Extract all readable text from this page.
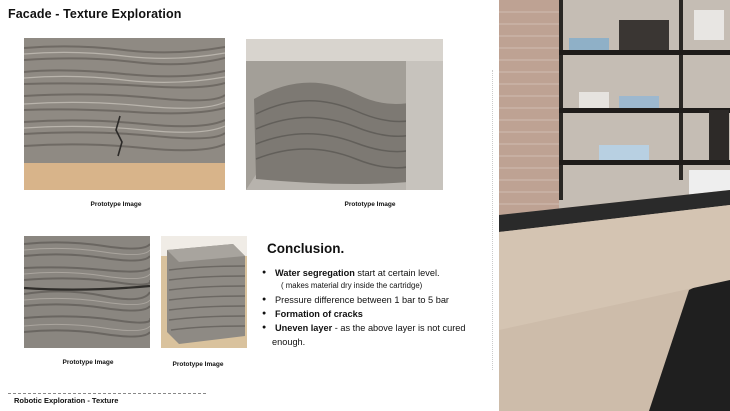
Facade - Texture Exploration
Prototype Image	Prototype Image
Prototype Image	Prototype Image
Conclusion.
● Water segregation start at certain level.
( makes material dry inside the cartridge)
● Pressure difference between 1 bar to 5 bar
● Formation of cracks
● Uneven layer - as the above layer is not cured
enough.
Robotic Exploration - Texture
